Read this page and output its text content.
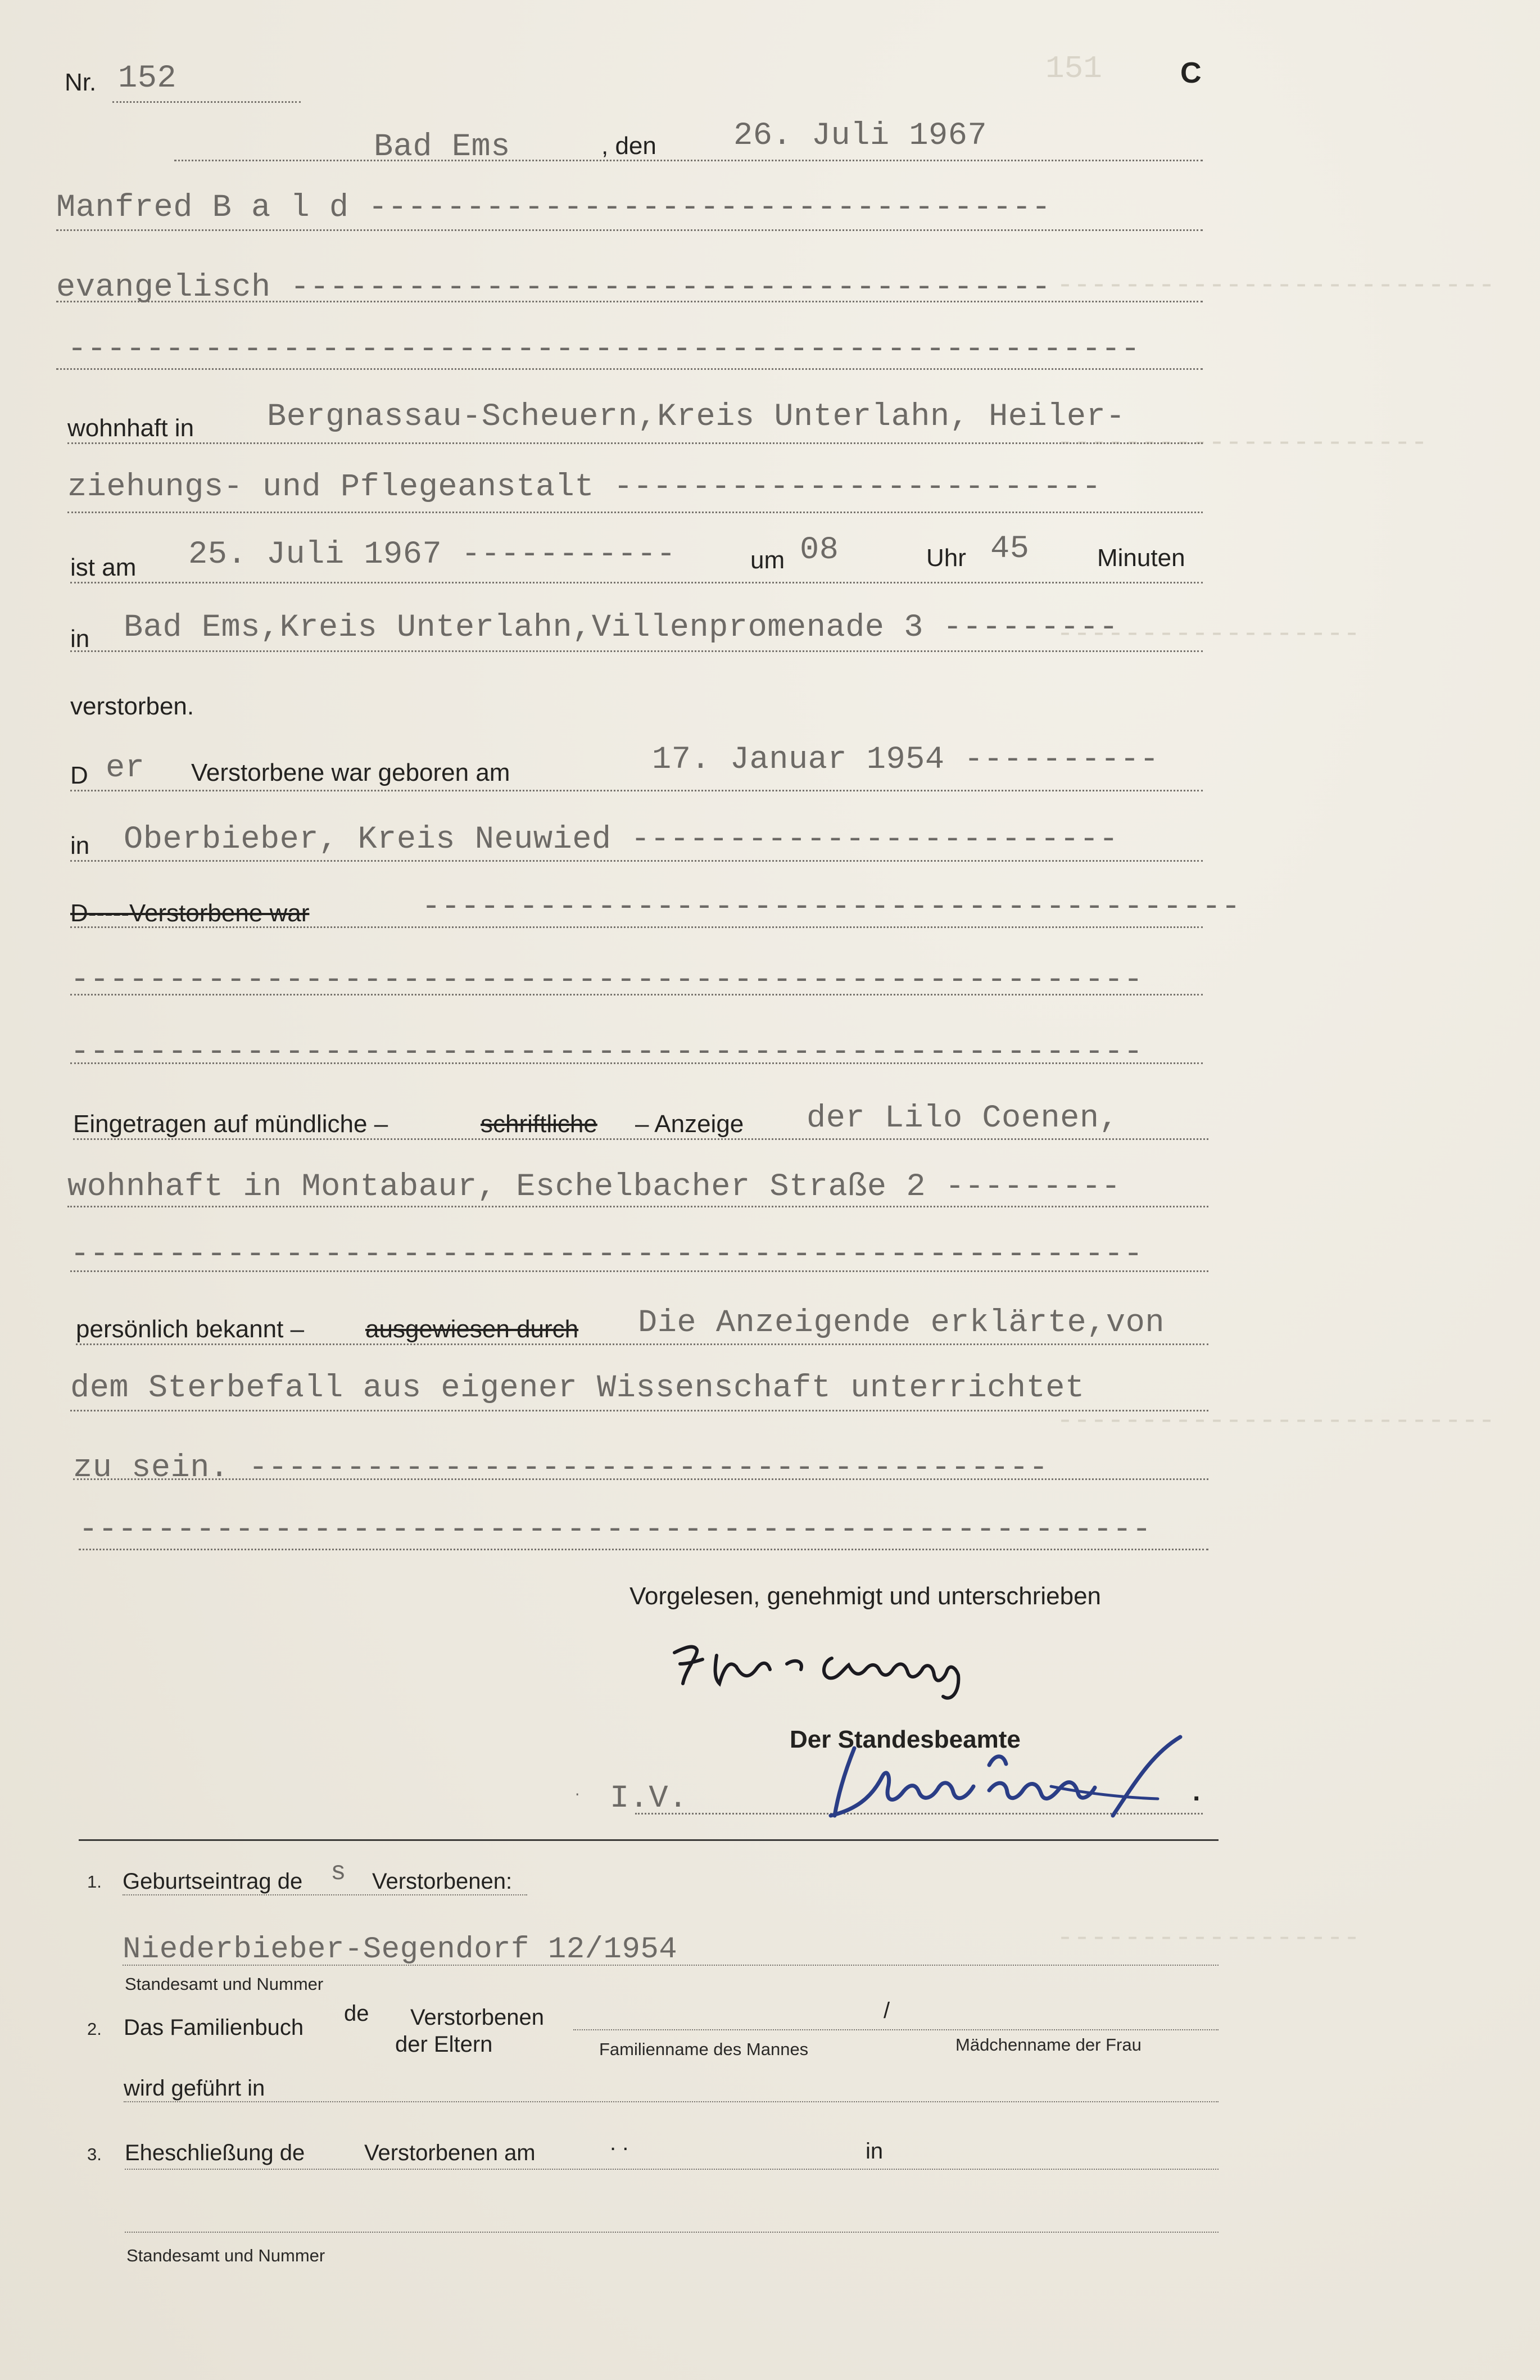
151
--------------------------
----------------------
------------------
--------------------------
------------------
C
Nr. 152
Bad Ems	, den 26. Juli 1967
Manfred B a l d -----------------------------------
evangelisch ---------------------------------------
-------------------------------------------------------
wohnhaft in Bergnassau-Scheuern,Kreis Unterlahn, Heiler-
ziehungs- und Pflegeanstalt -------------------------
ist am 25. Juli 1967 -----------	um 08	Uhr 45	Minuten
in Bad Ems,Kreis Unterlahn,Villenpromenade 3 ---------
verstorben.
D er Verstorbene war geboren am	17. Januar 1954 ----------
in Oberbieber, Kreis Neuwied -------------------------
D-----Verstorbene war	------------------------------------------
-------------------------------------------------------
-------------------------------------------------------
Eingetragen auf mündliche –	schriftliche – Anzeige der Lilo Coenen,
wohnhaft in Montabaur, Eschelbacher Straße 2 ---------
-------------------------------------------------------
persönlich bekannt – ausgewiesen durch Die Anzeigende erklärte,von
dem Sterbefall aus eigener Wissenschaft unterrichtet
zu sein. -----------------------------------------
-------------------------------------------------------
Vorgelesen, genehmigt und unterschrieben
Der Standesbeamte
. I.V.	.
1. Geburtseintrag de s Verstorbenen:
Niederbieber-Segendorf 12/1954
Standesamt und Nummer
2. Das Familienbuch
de Verstorbenen	/
der Eltern	Familienname des Mannes	Mädchenname der Frau
wird geführt in
3. Eheschließung de	Verstorbenen am	. .	in
Standesamt und Nummer
